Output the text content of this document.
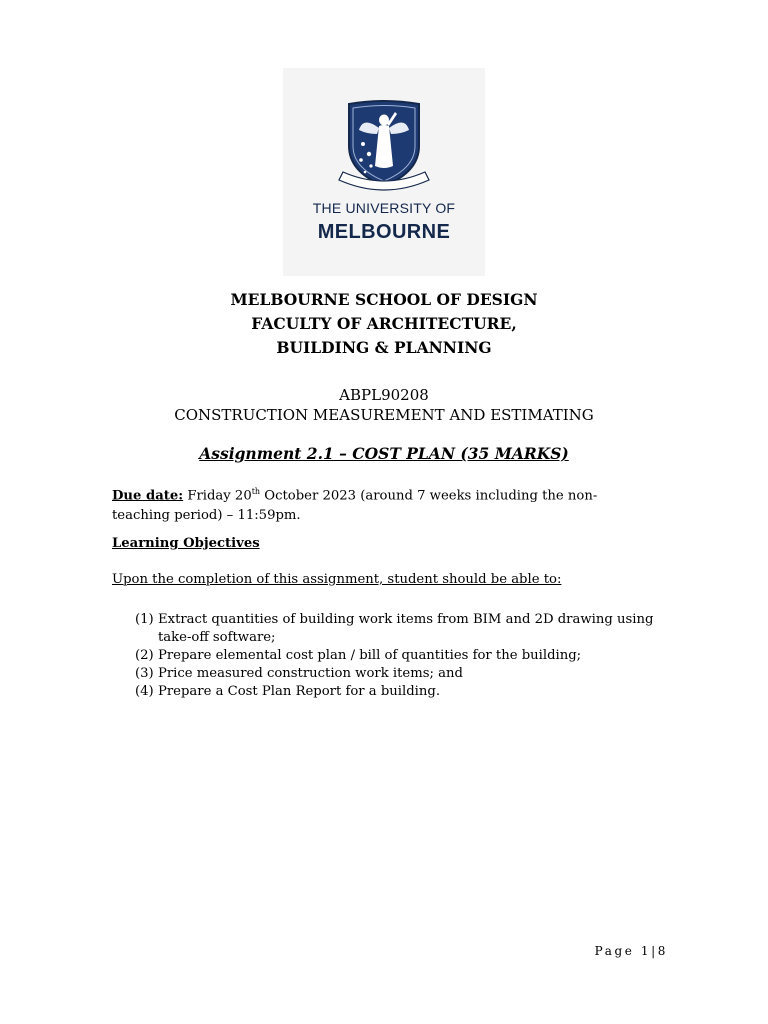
THE UNIVERSITY OF
MELBOURNE
MELBOURNE SCHOOL OF DESIGN
FACULTY OF ARCHITECTURE,
BUILDING & PLANNING
ABPL90208
CONSTRUCTION MEASUREMENT AND ESTIMATING
Assignment 2.1 – COST PLAN (35 MARKS)
Due date: Friday 20th October 2023 (around 7 weeks including the non-teaching period) – 11:59pm.
Learning Objectives
Upon the completion of this assignment, student should be able to:
(1) Extract quantities of building work items from BIM and 2D drawing using take-off software;
(2) Prepare elemental cost plan / bill of quantities for the building;
(3) Price measured construction work items; and
(4) Prepare a Cost Plan Report for a building.
Page 1|8
